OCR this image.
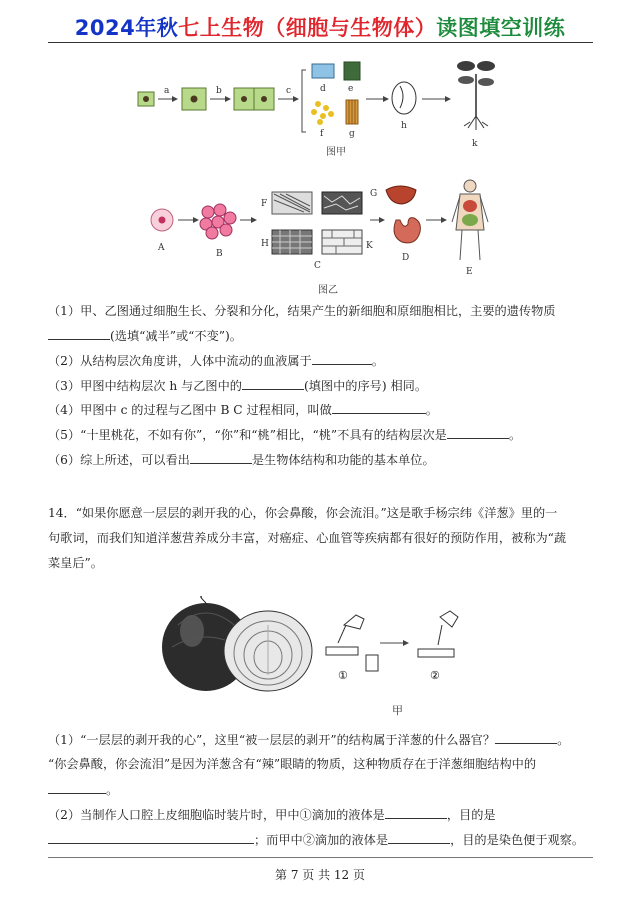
2024年秋七上生物（细胞与生物体）读图填空训练
a	b	c	d e
f	g
h
k
图甲
A
B
F
H	K
C
G
D
E
图乙
（1）甲、乙图通过细胞生长、分裂和分化，结果产生的新细胞和原细胞相比，主要的遗传物质
(选填“减半”或“不变”)。
（2）从结构层次角度讲，人体中流动的血液属于	。
（3）甲图中结构层次 h 与乙图中的	(填图中的序号) 相同。
（4）甲图中 c 的过程与乙图中 B C 过程相同，叫做	。
（5）“十里桃花，不如有你”，“你”和“桃”相比，“桃”不具有的结构层次是	。
（6）综上所述，可以看出	是生物体结构和功能的基本单位。
14．“如果你愿意一层层的剥开我的心，你会鼻酸，你会流泪。”这是歌手杨宗纬《洋葱》里的一
句歌词，而我们知道洋葱营养成分丰富，对癌症、心血管等疾病都有很好的预防作用，被称为“蔬
菜皇后”。
①	②
甲
（1）“一层层的剥开我的心”，这里“被一层层的剥开”的结构属于洋葱的什么器官？	。
“你会鼻酸，你会流泪”是因为洋葱含有“辣”眼睛的物质，这种物质存在于洋葱细胞结构中的
。
（2）当制作人口腔上皮细胞临时装片时，甲中①滴加的液体是	，目的是
；而甲中②滴加的液体是	，目的是染色便于观察。
第 7 页 共 12 页
